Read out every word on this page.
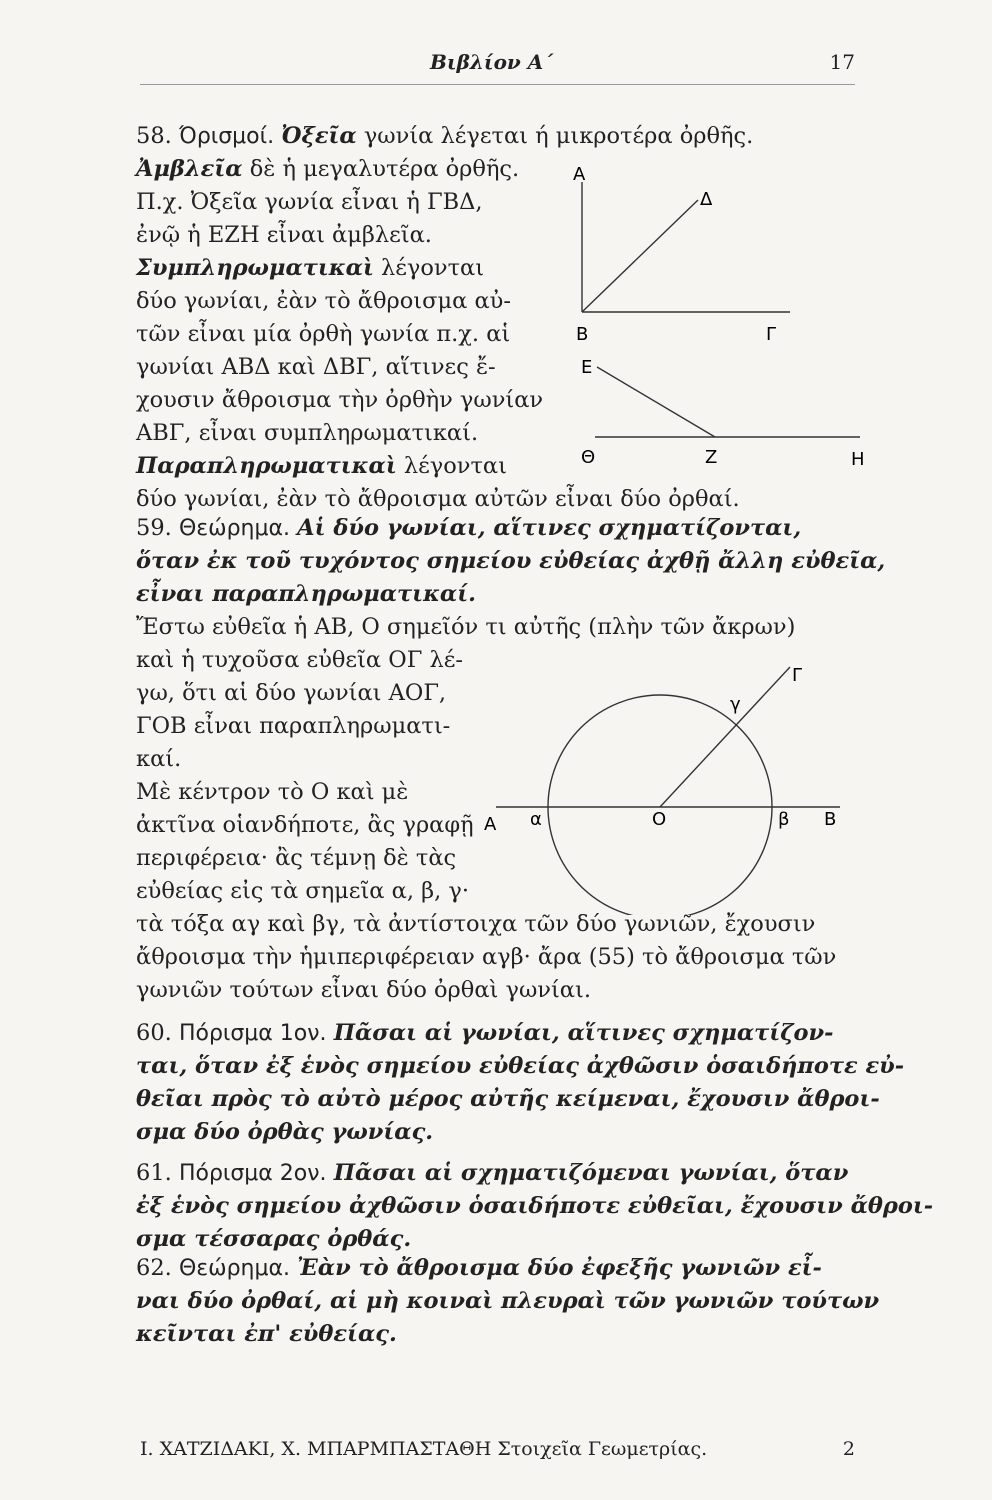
Βιβλίον Α΄	17
58. Όρισμοί. Ὀξεῖα γωνία λέγεται ή μικροτέρα ὀρθῆς.
Ἀμβλεῖα δὲ ἡ μεγαλυτέρα ὀρθῆς.
Π.χ. Ὀξεῖα γωνία εἶναι ἡ ΓΒΔ,
ἐνῷ ἡ ΕΖΗ εἶναι ἀμβλεῖα.
Συμπληρωματικαὶ λέγονται
δύο γωνίαι, ἐὰν τὸ ἄθροισμα αὐ-
τῶν εἶναι μία ὀρθὴ γωνία π.χ. αἱ
γωνίαι ΑΒΔ καὶ ΔΒΓ, αἵτινες ἔ-
χουσιν ἄθροισμα τὴν ὀρθὴν γωνίαν
ΑΒΓ, εἶναι συμπληρωματικαί.
Παραπληρωματικαὶ λέγονται
δύο γωνίαι, ἐὰν τὸ ἄθροισμα αὐτῶν εἶναι δύο ὀρθαί.
Α
Δ
Β	Γ
Ε
Θ	Ζ	Η
59. Θεώρημα. Αἱ δύο γωνίαι, αἵτινες σχηματίζονται,
ὅταν ἐκ τοῦ τυχόντος σημείου εὐθείας ἀχθῇ ἄλλη εὐθεῖα,
εἶναι παραπληρωματικαί.
Ἔστω εὐθεῖα ἡ ΑΒ, Ο σημεῖόν τι αὐτῆς (πλὴν τῶν ἄκρων)
καὶ ἡ τυχοῦσα εὐθεῖα ΟΓ λέ-
γω, ὅτι αἱ δύο γωνίαι ΑΟΓ,
ΓΟΒ εἶναι παραπληρωματι-
καί.
Μὲ κέντρον τὸ Ο καὶ μὲ
ἀκτῖνα οἱανδήποτε, ἂς γραφῇ
περιφέρεια· ἂς τέμνῃ δὲ τὰς
εὐθείας εἰς τὰ σημεῖα α, β, γ·
τὰ τόξα αγ καὶ βγ, τὰ ἀντίστοιχα τῶν δύο γωνιῶν, ἔχουσιν
ἄθροισμα τὴν ἡμιπεριφέρειαν αγβ· ἄρα (55) τὸ ἄθροισμα τῶν
γωνιῶν τούτων εἶναι δύο ὀρθαὶ γωνίαι.
Α α	Ο	β Β
γ
Γ
60. Πόρισμα 1ον. Πᾶσαι αἱ γωνίαι, αἵτινες σχηματίζον-
ται, ὅταν ἐξ ἑνὸς σημείου εὐθείας ἀχθῶσιν ὁσαιδήποτε εὐ-
θεῖαι πρὸς τὸ αὐτὸ μέρος αὐτῆς κείμεναι, ἔχουσιν ἄθροι-
σμα δύο ὀρθὰς γωνίας.
61. Πόρισμα 2ον. Πᾶσαι αἱ σχηματιζόμεναι γωνίαι, ὅταν
ἐξ ἑνὸς σημείου ἀχθῶσιν ὁσαιδήποτε εὐθεῖαι, ἔχουσιν ἄθροι-
σμα τέσσαρας ὀρθάς.
62. Θεώρημα. Ἐὰν τὸ ἄθροισμα δύο ἐφεξῆς γωνιῶν εἶ-
ναι δύο ὀρθαί, αἱ μὴ κοιναὶ πλευραὶ τῶν γωνιῶν τούτων
κεῖνται ἐπ' εὐθείας.
Ι. ΧΑΤΖΙΔΑΚΙ, Χ. ΜΠΑΡΜΠΑΣΤΑΘΗ Στοιχεῖα Γεωμετρίας.	2
